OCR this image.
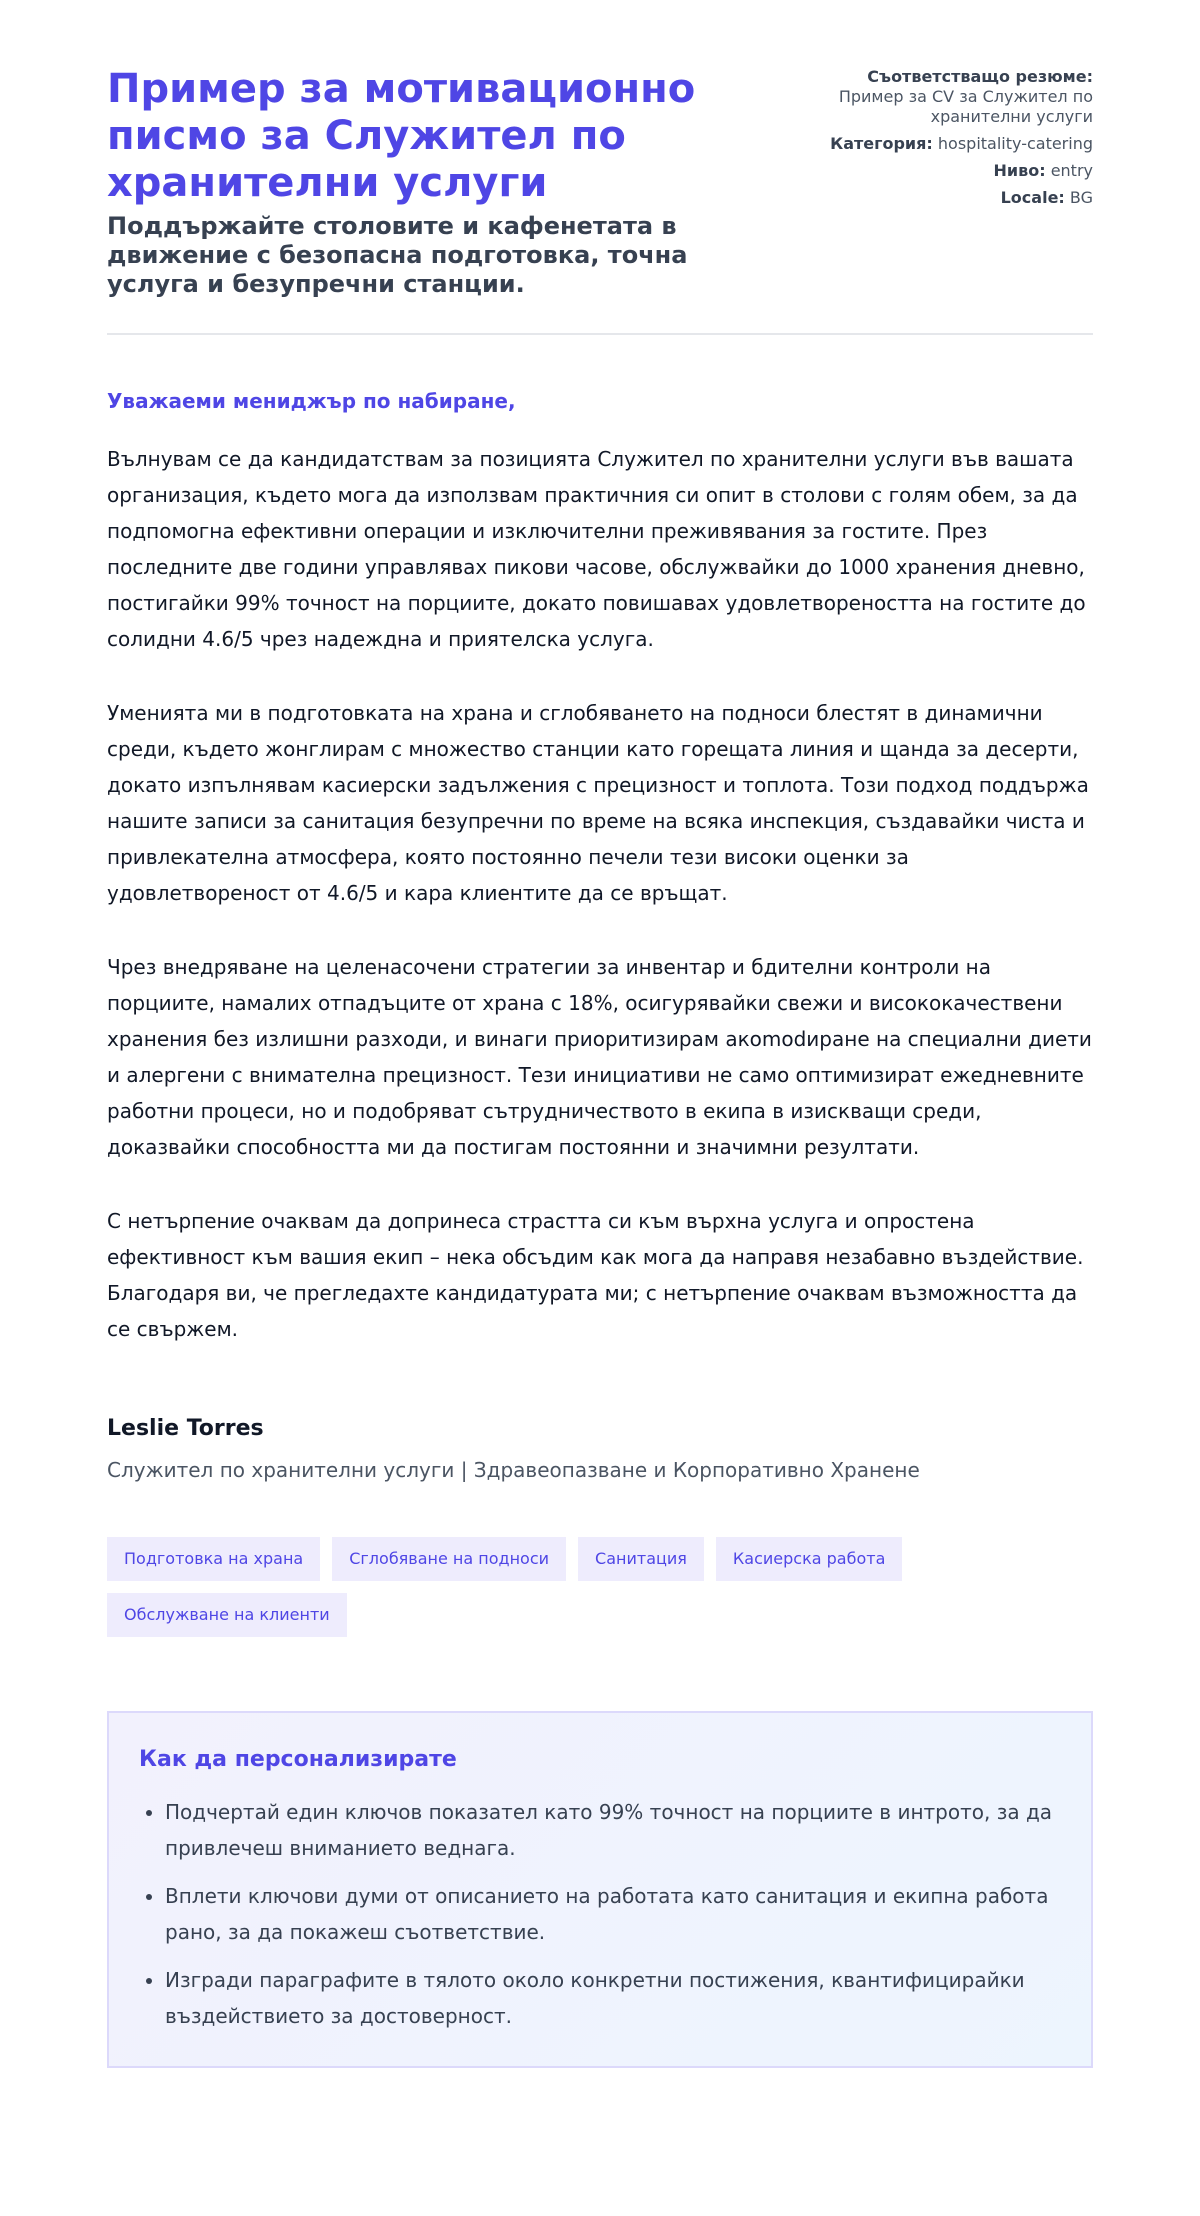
Пример за мотивационно писмо за Служител по хранителни услуги

Поддържайте столовите и кафенетата в движение с безопасна подготовка, точна услуга и безупречни станции.

Съответстващо резюме:
Пример за CV за Служител по хранителни услуги
Категория: hospitality-catering
Ниво: entry
Locale: BG

Уважаеми мениджър по набиране,

Вълнувам се да кандидатствам за позицията Служител по хранителни услуги във вашата организация, където мога да използвам практичния си опит в столови с голям обем, за да подпомогна ефективни операции и изключителни преживявания за гостите. През последните две години управлявах пикови часове, обслужвайки до 1000 хранения дневно, постигайки 99% точност на порциите, докато повишавах удовлетвореността на гостите до солидни 4.6/5 чрез надеждна и приятелска услуга.

Уменията ми в подготовката на храна и сглобяването на подноси блестят в динамични среди, където жонглирам с множество станции като горещата линия и щанда за десерти, докато изпълнявам касиерски задължения с прецизност и топлота. Този подход поддържа нашите записи за санитация безупречни по време на всяка инспекция, създавайки чиста и привлекателна атмосфера, която постоянно печели тези високи оценки за удовлетвореност от 4.6/5 и кара клиентите да се връщат.

Чрез внедряване на целенасочени стратегии за инвентар и бдителни контроли на порциите, намалих отпадъците от храна с 18%, осигурявайки свежи и висококачествени хранения без излишни разходи, и винаги приоритизирам акоmodиране на специални диети и алергени с внимателна прецизност. Тези инициативи не само оптимизират ежедневните работни процеси, но и подобряват сътрудничеството в екипа в изискващи среди, доказвайки способността ми да постигам постоянни и значимни резултати.

С нетърпение очаквам да допринеса страстта си към върхна услуга и опростена ефективност към вашия екип – нека обсъдим как мога да направя незабавно въздействие. Благодаря ви, че прегледахте кандидатурата ми; с нетърпение очаквам възможността да се свържем.

Leslie Torres

Служител по хранителни услуги | Здравеопазване и Корпоративно Хранене

Подготовка на храна	Сглобяване на подноси	Санитация	Касиерска работа
Обслужване на клиенти

Как да персонализирате

• Подчертай един ключов показател като 99% точност на порциите в интрото, за да привлечеш вниманието веднага.
• Вплети ключови думи от описанието на работата като санитация и екипна работа рано, за да покажеш съответствие.
• Изгради параграфите в тялото около конкретни постижения, квантифицирайки въздействието за достоверност.
